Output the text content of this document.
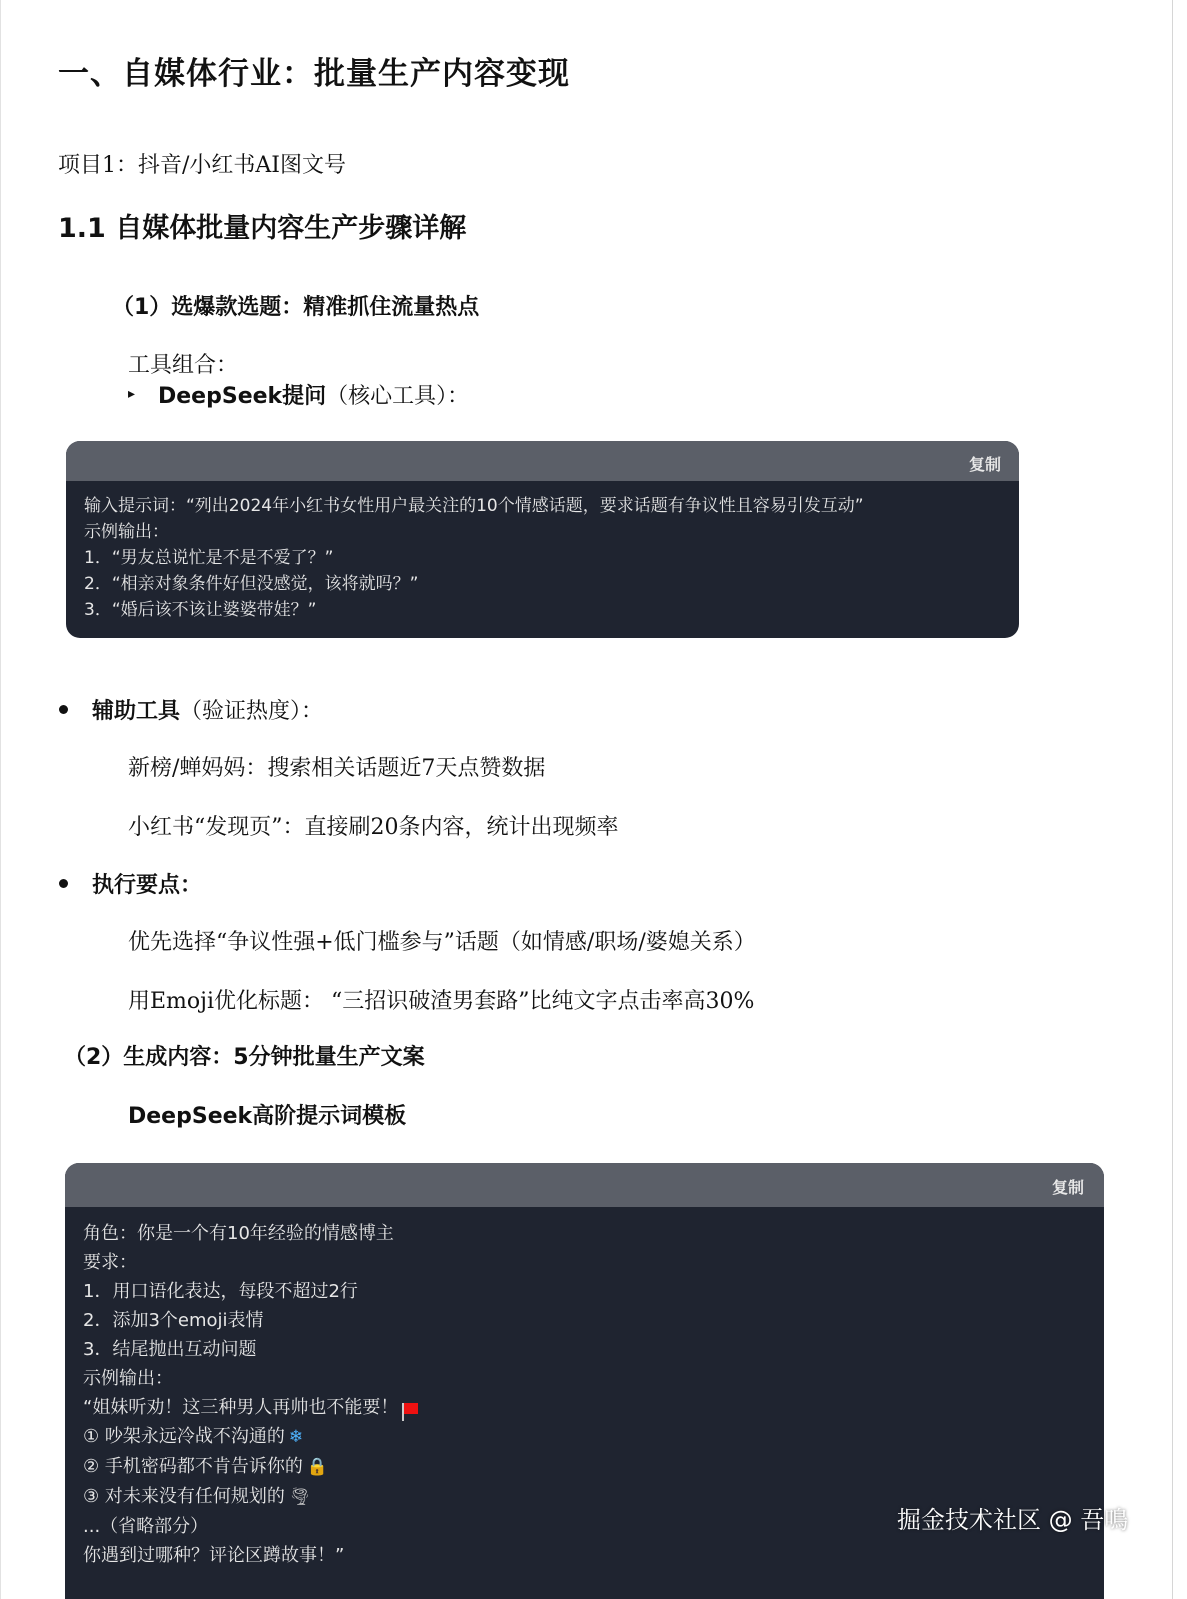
一、自媒体行业：批量生产内容变现
项目1：抖音/小红书AI图文号
1.1 自媒体批量内容生产步骤详解
（1）选爆款选题：精准抓住流量热点
工具组合：
▸ DeepSeek提问（核心工具）：
复制
输入提示词：“列出2024年小红书女性用户最关注的10个情感话题，要求话题有争议性且容易引发互动”
示例输出：
1．“男友总说忙是不是不爱了？”
2．“相亲对象条件好但没感觉，该将就吗？”
3．“婚后该不该让婆婆带娃？”
辅助工具（验证热度）：
新榜/蝉妈妈：搜索相关话题近7天点赞数据
小红书“发现页”：直接刷20条内容，统计出现频率
执行要点：
优先选择“争议性强+低门槛参与”话题（如情感/职场/婆媳关系）
用Emoji优化标题： “三招识破渣男套路”比纯文字点击率高30%
（2）生成内容：5分钟批量生产文案
DeepSeek高阶提示词模板
复制
角色：你是一个有10年经验的情感博主
要求：
1．用口语化表达，每段不超过2行
2．添加3个emoji表情
3．结尾抛出互动问题
示例输出：
“姐妹听劝！这三种男人再帅也不能要！
① 吵架永远冷战不沟通的 ❄
② 手机密码都不肯告诉你的 🔒
③ 对未来没有任何规划的 🌪
...（省略部分）
你遇到过哪种？评论区蹲故事！”
掘金技术社区 @ 吾鳴
